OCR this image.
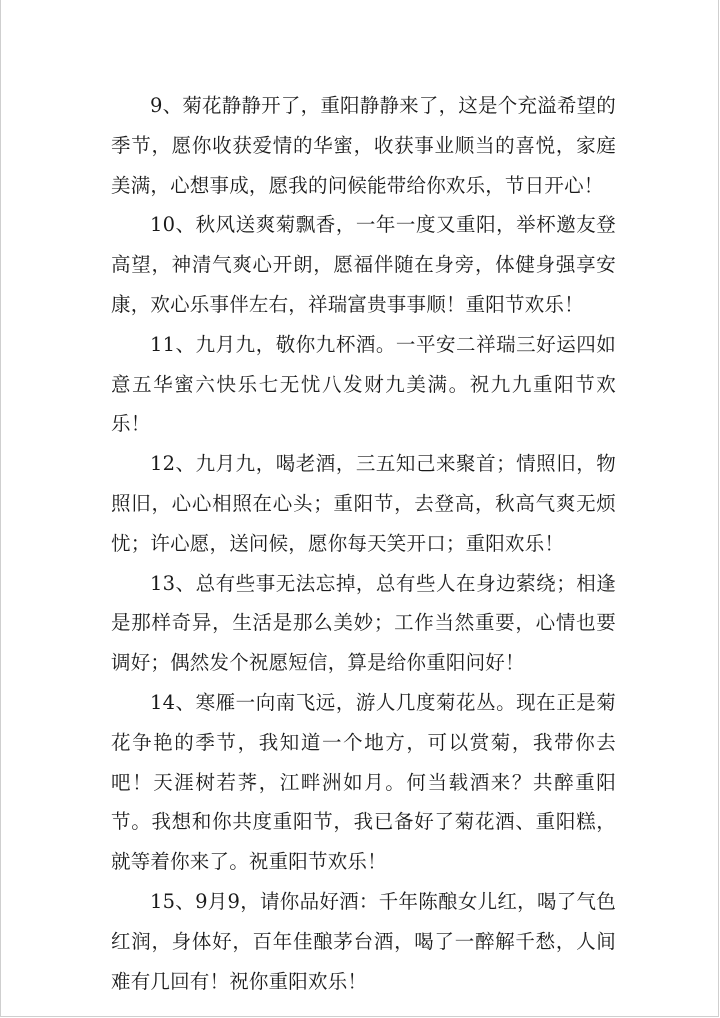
9、菊花静静开了，重阳静静来了，这是个充溢希望的季节，愿你收获爱情的华蜜，收获事业顺当的喜悦，家庭美满，心想事成，愿我的问候能带给你欢乐，节日开心！

10、秋风送爽菊飘香，一年一度又重阳，举杯邀友登高望，神清气爽心开朗，愿福伴随在身旁，体健身强享安康，欢心乐事伴左右，祥瑞富贵事事顺！重阳节欢乐！

11、九月九，敬你九杯酒。一平安二祥瑞三好运四如意五华蜜六快乐七无忧八发财九美满。祝九九重阳节欢乐！

12、九月九，喝老酒，三五知己来聚首；情照旧，物照旧，心心相照在心头；重阳节，去登高，秋高气爽无烦忧；许心愿，送问候，愿你每天笑开口；重阳欢乐！

13、总有些事无法忘掉，总有些人在身边萦绕；相逢是那样奇异，生活是那么美妙；工作当然重要，心情也要调好；偶然发个祝愿短信，算是给你重阳问好！

14、寒雁一向南飞远，游人几度菊花丛。现在正是菊花争艳的季节，我知道一个地方，可以赏菊，我带你去吧！天涯树若荠，江畔洲如月。何当载酒来？共醉重阳节。我想和你共度重阳节，我已备好了菊花酒、重阳糕，就等着你来了。祝重阳节欢乐！

15、9月9，请你品好酒：千年陈酿女儿红，喝了气色红润，身体好，百年佳酿茅台酒，喝了一醉解千愁，人间难有几回有！祝你重阳欢乐！
